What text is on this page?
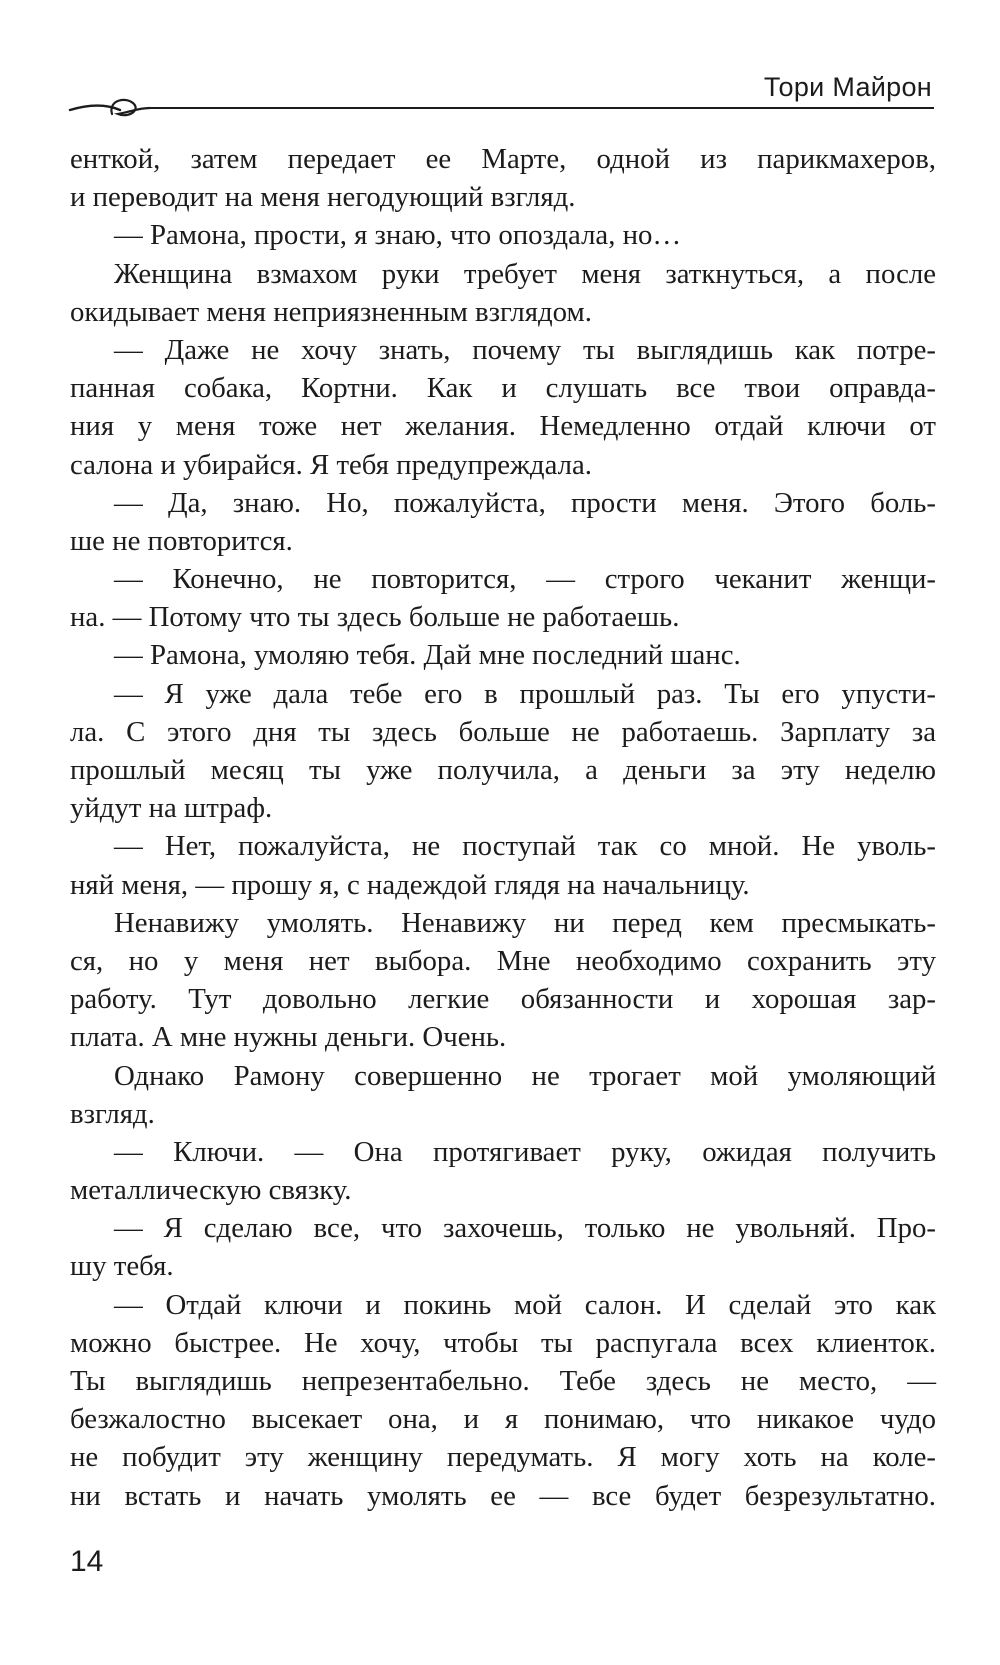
Тори Майрон
енткой, затем передает ее Марте, одной из парикмахеров,
и переводит на меня негодующий взгляд.
— Рамона, прости, я знаю, что опоздала, но…
Женщина взмахом руки требует меня заткнуться, а после
окидывает меня неприязненным взглядом.
— Даже не хочу знать, почему ты выглядишь как потре-
панная собака, Кортни. Как и слушать все твои оправда-
ния у меня тоже нет желания. Немедленно отдай ключи от
салона и убирайся. Я тебя предупреждала.
— Да, знаю. Но, пожалуйста, прости меня. Этого боль-
ше не повторится.
— Конечно, не повторится, — строго чеканит женщи-
на. — Потому что ты здесь больше не работаешь.
— Рамона, умоляю тебя. Дай мне последний шанс.
— Я уже дала тебе его в прошлый раз. Ты его упусти-
ла. С этого дня ты здесь больше не работаешь. Зарплату за
прошлый месяц ты уже получила, а деньги за эту неделю
уйдут на штраф.
— Нет, пожалуйста, не поступай так со мной. Не уволь-
няй меня, — прошу я, с надеждой глядя на начальницу.
Ненавижу умолять. Ненавижу ни перед кем пресмыкать-
ся, но у меня нет выбора. Мне необходимо сохранить эту
работу. Тут довольно легкие обязанности и хорошая зар-
плата. А мне нужны деньги. Очень.
Однако Рамону совершенно не трогает мой умоляющий
взгляд.
— Ключи. — Она протягивает руку, ожидая получить
металлическую связку.
— Я сделаю все, что захочешь, только не увольняй. Про-
шу тебя.
— Отдай ключи и покинь мой салон. И сделай это как
можно быстрее. Не хочу, чтобы ты распугала всех клиенток.
Ты выглядишь непрезентабельно. Тебе здесь не место, —
безжалостно высекает она, и я понимаю, что никакое чудо
не побудит эту женщину передумать. Я могу хоть на коле-
ни встать и начать умолять ее — все будет безрезультатно.
14
